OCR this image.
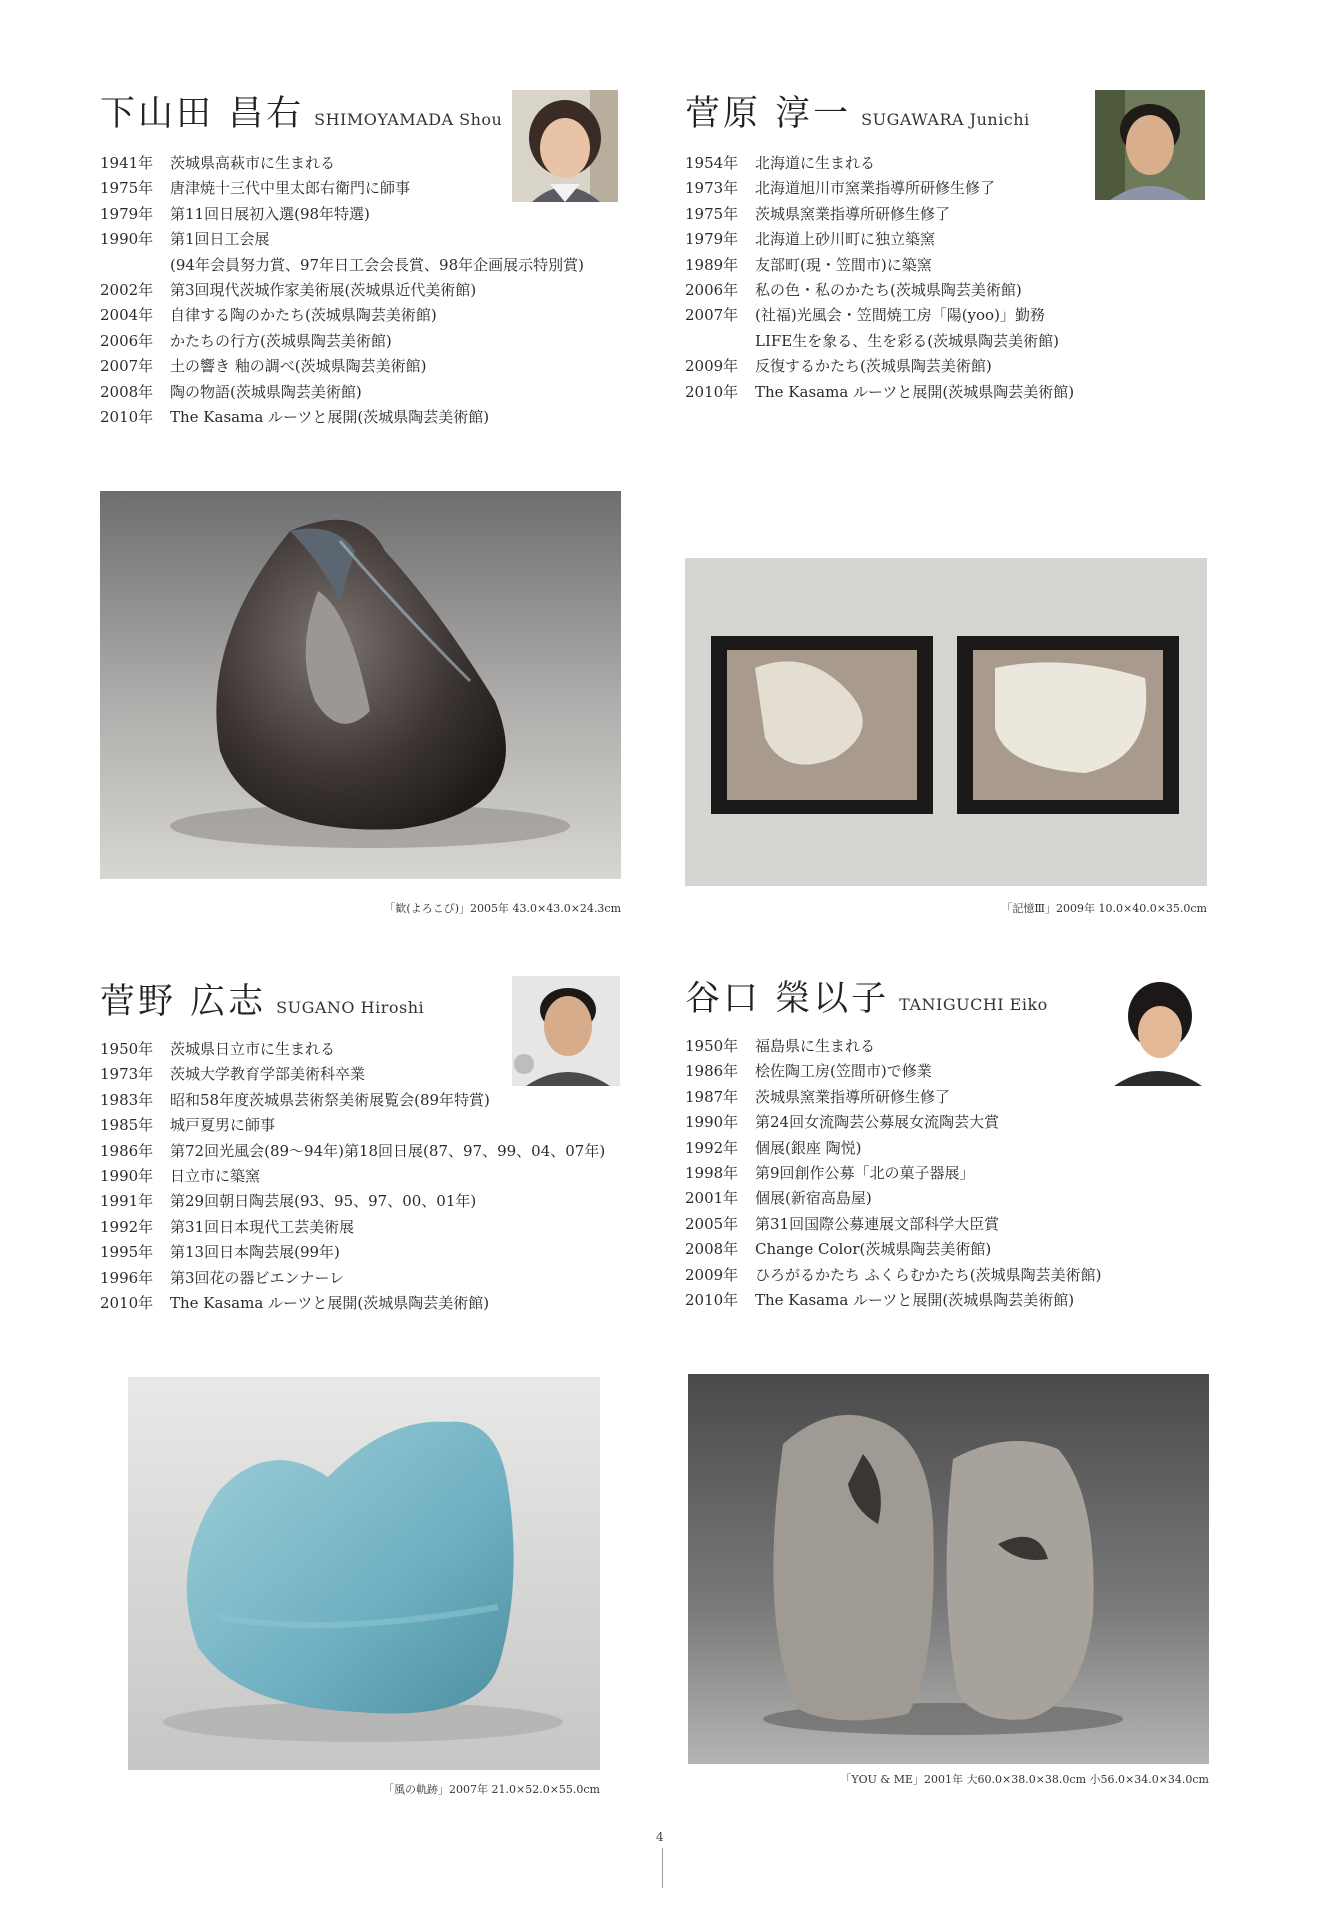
下山田 昌右 SHIMOYAMADA Shou
1941年	茨城県高萩市に生まれる
1975年	唐津焼十三代中里太郎右衛門に師事
1979年	第11回日展初入選(98年特選)
1990年	第1回日工会展
(94年会員努力賞、97年日工会会長賞、98年企画展示特別賞)
2002年	第3回現代茨城作家美術展(茨城県近代美術館)
2004年	自律する陶のかたち(茨城県陶芸美術館)
2006年	かたちの行方(茨城県陶芸美術館)
2007年	土の響き 釉の調べ(茨城県陶芸美術館)
2008年	陶の物語(茨城県陶芸美術館)
2010年	The Kasama ルーツと展開(茨城県陶芸美術館)
「歓(よろこび)」2005年 43.0×43.0×24.3cm
菅原 淳一 SUGAWARA Junichi
1954年	北海道に生まれる
1973年	北海道旭川市窯業指導所研修生修了
1975年	茨城県窯業指導所研修生修了
1979年	北海道上砂川町に独立築窯
1989年	友部町(現・笠間市)に築窯
2006年	私の色・私のかたち(茨城県陶芸美術館)
2007年	(社福)光風会・笠間焼工房「陽(yoo)」勤務
LIFE生を象る、生を彩る(茨城県陶芸美術館)
2009年	反復するかたち(茨城県陶芸美術館)
2010年	The Kasama ルーツと展開(茨城県陶芸美術館)
「記憶Ⅲ」2009年 10.0×40.0×35.0cm
菅野 広志 SUGANO Hiroshi
1950年	茨城県日立市に生まれる
1973年	茨城大学教育学部美術科卒業
1983年	昭和58年度茨城県芸術祭美術展覧会(89年特賞)
1985年	城戸夏男に師事
1986年	第72回光風会(89～94年)第18回日展(87、97、99、04、07年)
1990年	日立市に築窯
1991年	第29回朝日陶芸展(93、95、97、00、01年)
1992年	第31回日本現代工芸美術展
1995年	第13回日本陶芸展(99年)
1996年	第3回花の器ビエンナーレ
2010年	The Kasama ルーツと展開(茨城県陶芸美術館)
「風の軌跡」2007年 21.0×52.0×55.0cm
谷口 榮以子 TANIGUCHI Eiko
1950年	福島県に生まれる
1986年	桧佐陶工房(笠間市)で修業
1987年	茨城県窯業指導所研修生修了
1990年	第24回女流陶芸公募展女流陶芸大賞
1992年	個展(銀座 陶悦)
1998年	第9回創作公募「北の菓子器展」
2001年	個展(新宿高島屋)
2005年	第31回国際公募連展文部科学大臣賞
2008年	Change Color(茨城県陶芸美術館)
2009年	ひろがるかたち ふくらむかたち(茨城県陶芸美術館)
2010年	The Kasama ルーツと展開(茨城県陶芸美術館)
「YOU & ME」2001年 大60.0×38.0×38.0cm 小56.0×34.0×34.0cm
4
